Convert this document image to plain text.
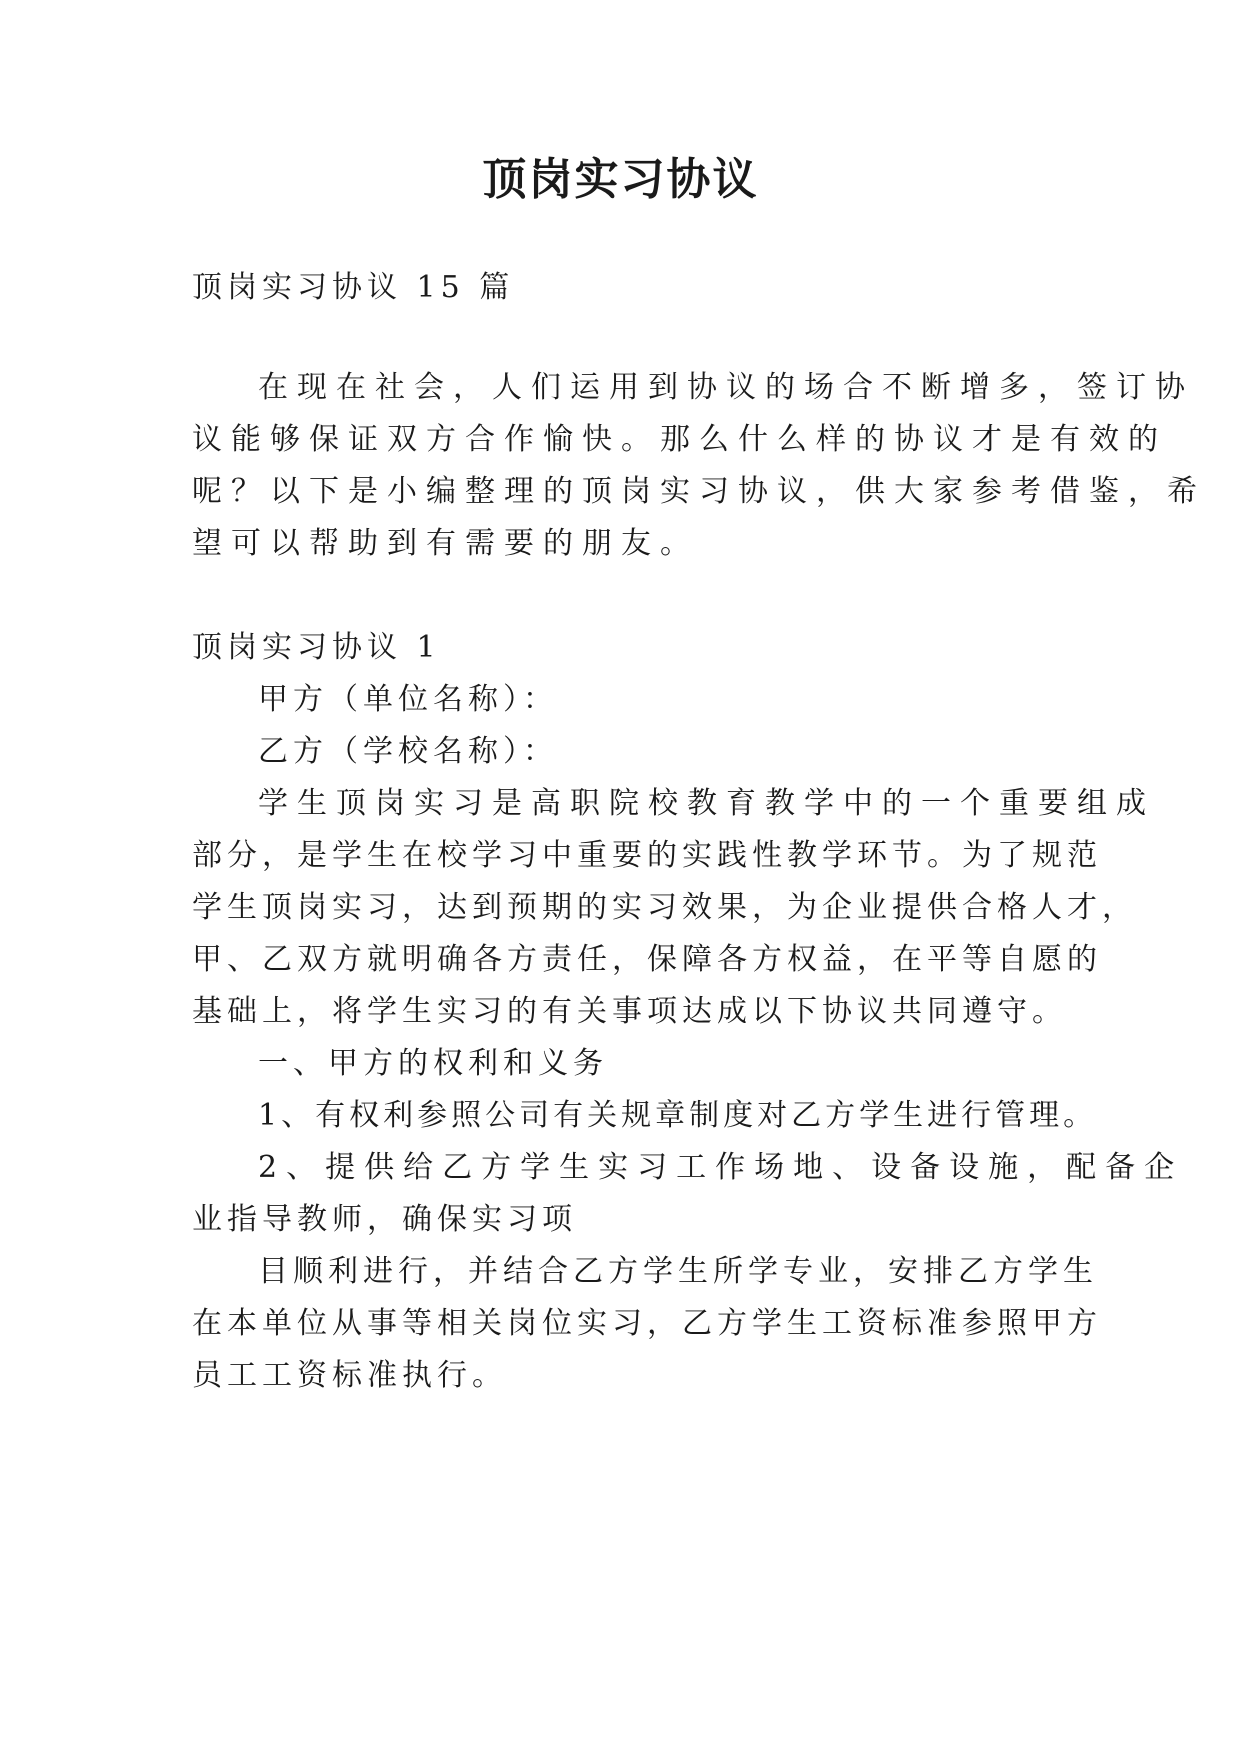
顶岗实习协议
顶岗实习协议 15 篇
在现在社会，人们运用到协议的场合不断增多，签订协
议能够保证双方合作愉快。那么什么样的协议才是有效的
呢？以下是小编整理的顶岗实习协议，供大家参考借鉴，希
望可以帮助到有需要的朋友。
顶岗实习协议 1
甲方（单位名称）：
乙方（学校名称）：
学生顶岗实习是高职院校教育教学中的一个重要组成
部分，是学生在校学习中重要的实践性教学环节。为了规范
学生顶岗实习，达到预期的实习效果，为企业提供合格人才，
甲、乙双方就明确各方责任，保障各方权益，在平等自愿的
基础上，将学生实习的有关事项达成以下协议共同遵守。
一、甲方的权利和义务
1、有权利参照公司有关规章制度对乙方学生进行管理。
2、提供给乙方学生实习工作场地、设备设施，配备企
业指导教师，确保实习项
目顺利进行，并结合乙方学生所学专业，安排乙方学生
在本单位从事等相关岗位实习，乙方学生工资标准参照甲方
员工工资标准执行。
